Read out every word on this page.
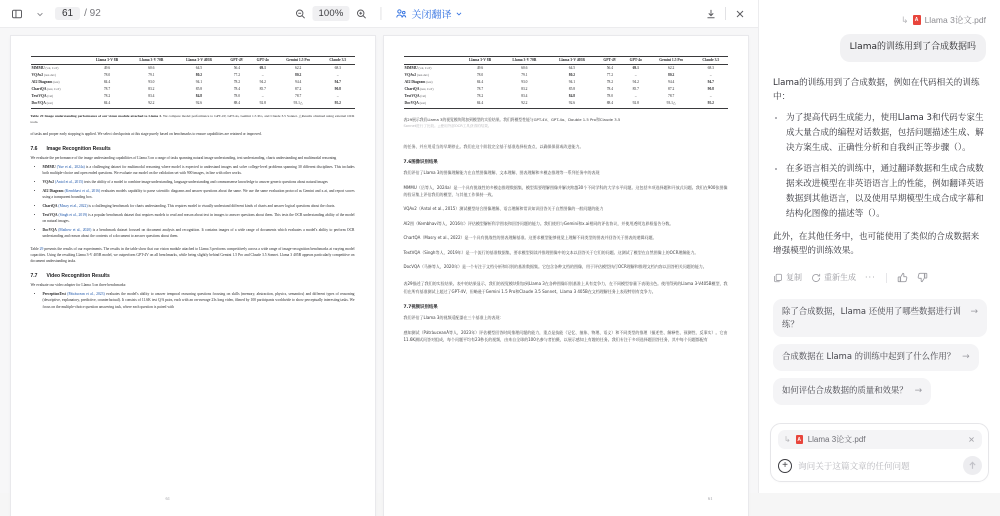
61	/ 92	100%	关闭翻译
	Llama 3-V 8B	Llama 3-V 70B	Llama 3-V 405B	GPT-4V	GPT-4o	Gemini 1.5 Pro	Claude 3.5
MMMU (val, CoT)	49.6	60.6	64.5	56.4	69.1	62.2	68.3
VQAv2 (test-dev)	78.0	79.1	80.2	77.2	–	80.2	–
AI2 Diagram (test)	84.4	93.0	94.1	78.2	94.2	94.4	94.7
ChartQA (test, CoT)	78.7	83.2	85.8	78.4	85.7	87.2	90.8
TextVQA (val)	78.2	83.4	84.8	78.0	–	78.7	–
DocVQA (test)	84.4	92.2	92.6	88.4	92.8	93.1△	95.2
Table 29 Image understanding performance of our vision module attached to Llama 3. We compare model performance to GPT-4V, GPT-4o, Gemini 1.5 Pro, and Claude 3.5 Sonnet. △Results obtained using external OCR tools.
of tasks and proper early stopping is applied. We select checkpoints at this stage purely based on benchmarks to ensure capabilities are retained or improved.
7.6 Image Recognition Results
We evaluate the performance of the image understanding capabilities of Llama 3 on a range of tasks spanning natural image understanding, text understanding, charts understanding and multimodal reasoning
• MMMU (Yue et al., 2024a) is a challenging dataset for multimodal reasoning where model is expected to understand images and solve college-level problems spanning 30 different disciplines. This includes both multiple-choice and open ended questions. We evaluate our model on the validation set with 900 images, in line with other works.
• VQAv2 (Antol et al., 2015) tests the ability of a model to combine image understanding, language understanding and commonsense knowledge to answer generic questions about natural images
• AI2 Diagram (Kembhavi et al., 2016) evaluates models capability to parse scientific diagrams and answer questions about the same. We use the same evaluation protocol as Gemini and x.ai, and report scores using a transparent bounding box.
• ChartQA (Masry et al., 2022) is a challenging benchmark for charts understanding. This requires model to visually understand different kinds of charts and answer logical questions about the charts.
• TextVQA (Singh et al., 2019) is a popular benchmark dataset that requires models to read and reason about text in images to answer questions about them. This tests the OCR understanding ability of the model on natural images.
• DocVQA (Mathew et al., 2020) is a benchmark dataset focused on document analysis and recognition. It contains images of a wide range of documents which evaluates a model's ability to perform OCR understanding and reason about the contents of a document to answer questions about them.
Table 29 presents the results of our experiments. The results in the table show that our vision module attached to Llama 3 performs competitively across a wide range of image-recognition benchmarks at varying model capacities. Using the resulting Llama 3-V 405B model, we outperform GPT-4V on all benchmarks, while being slightly behind Gemini 1.5 Pro and Claude 3.5 Sonnet. Llama 3 405B appears particularly competitive on document understanding tasks.
7.7 Video Recognition Results
We evaluate our video adapter for Llama 3 on three benchmarks:
• PerceptionTest (Pătrăucean et al., 2023) evaluates the model's ability to answer temporal reasoning questions focusing on skills (memory, abstraction, physics, semantics) and different types of reasoning (descriptive, explanatory, predictive, counterfactual). It consists of 11.6K test Q/A pairs, each with an on-average 23s long video, filmed by 100 participants worldwide to show perceptually interesting tasks. We focus on the multiple-choice question answering task, where each question is paired with
61
	Llama 3-V 8B	Llama 3-V 70B	Llama 3-V 405B	GPT-4V	GPT-4o	Gemini 1.5 Pro	Claude 3.5
MMMU (val, CoT)	49.6	60.6	64.5	56.4	69.1	62.2	68.3
VQAv2 (test-dev)	78.0	79.1	80.2	77.2	–	80.2	–
AI2 Diagram (test)	84.4	93.0	94.1	78.2	94.2	94.4	94.7
ChartQA (test, CoT)	78.7	83.2	85.8	78.4	85.7	87.2	90.8
TextVQA (val)	78.2	83.4	84.8	78.0	–	78.7	–
DocVQA (test)	84.4	92.2	92.6	88.4	92.8	93.1△	95.2
表29展示我们Llama 3的视觉模块附加到模型的实验结果。我们将模型性能与GPT-4V、GPT-4o、Double 1.5 Pro和Claude 3.5
Sonnet进行了比较。△使用外部OCR工具获得的结果。
的任务、并应用适当的早期停止。我们在这个阶段完全基于基准选择检查点，以确保保留或改进能力。
7.6图像识别结果
我们评估了Llama 3的图像理解能力在自然图像理解、文本理解、图表理解和多模态推理等一系列任务中的表现
MMMU（岳等人，2024a）是一个具有挑战性的多模态推理数据集，模型需要理解图像并解决跨越30个不同学科的大学水平问题。这包括多项选择题和开放式问题。我们在900张图像的验证集上评估我们的模型，与其他工作保持一致。
VQAv2（Antol et al., 2015）测试模型结合图像理解、语言理解和常识知识回答关于自然图像的一般问题的能力
AI2图（Kembhavi等人，2016年）评估模型解析科学图表和回答问题的能力。我们使用与Gemini和x.ai相同的评估协议，并使用透明边界框报告分数。
ChartQA（Masry et al., 2022）是一个具有挑战性的图表理解基准。这要求模型能够视觉上理解不同类型的图表并回答关于图表的逻辑问题。
TextVQA（Singh等人，2019年）是一个流行的基准数据集，要求模型阅读并推理图像中的文本以回答关于它们的问题。这测试了模型在自然图像上的OCR理解能力。
DocVQA（马修等人，2020年）是一个专注于文档分析和识别的基准数据集。它包含各种文档的图像，用于评估模型执行OCR理解和推理文档内容以回答相关问题的能力。
表29描述了我们的实验结果。表中的结果显示，我们的视觉模块附加到Llama 3在各种图像识别基准上具有竞争力，在不同模型容量下表现出色。使用得到的Llama 3-V405B模型，我们在所有基准测试上超过了GPT-4V，但略逊于Gemini 1.5 Pro和Claude 3.5 Sonnet。Llama 3 405B在文档理解任务上表现特别有竞争力。
7.7视频识别结果
我们评估了Llama 3的视频适配器在三个基准上的表现：
感知测试（PȧtrȧuceanȦ等人，2023年）评估模型回答时间推理问题的能力，重点是技能（记忆、抽象、物理、语义）和不同类型的推理（描述性、解释性、预测性、反事实）。它由11.6K测试问答对组成，每个问题平均有23秒长的视频，由来自全球的100名参与者拍摄，以展示感知上有趣的任务。我们专注于多项选择题回答任务，其中每个问题都配有
61
↳ A Llama 3论文.pdf
Llama的训练用到了合成数据吗
Llama的训练用到了合成数据，例如在代码相关的训练中：
• 为了提高代码生成能力，使用Llama 3和代码专家生成大量合成的编程对话数据，包括问题描述生成、解决方案生成、正确性分析和自我纠正等步骤（）。
• 在多语言相关的训练中，通过翻译数据和生成合成数据来改进模型在非英语语言上的性能，例如翻译英语数据到其他语言，以及使用早期模型生成合成字幕和结构化图像的描述等（）。
此外，在其他任务中，也可能使用了类似的合成数据来增强模型的训练效果。
复制	重新生成 ···
除了合成数据，Llama 还使用了哪些数据进行训练？
→
合成数据在 Llama 的训练中起到了什么作用？ →
如何评估合成数据的质量和效果？ →
↳ A Llama 3论文.pdf
+	询问关于这篇文章的任何问题
